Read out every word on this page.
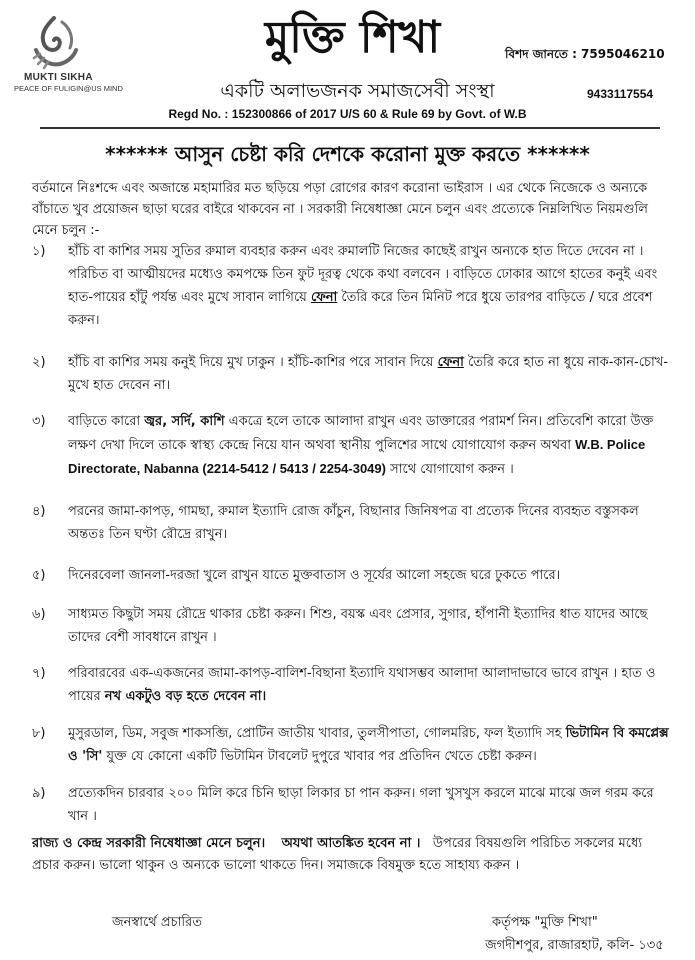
MUKTI SIKHA
PEACE OF FULIGIN@US MIND
মুক্তি শিখা	বিশদ জানতে : 7595046210
একটি অলাভজনক সমাজসেবী সংস্থা	9433117554
Regd No. : 152300866 of 2017 U/S 60 & Rule 69 by Govt. of W.B
****** আসুন চেষ্টা করি দেশকে করোনা মুক্ত করতে ******
বর্তমানে নিঃশব্দে এবং অজান্তে মহামারির মত ছড়িয়ে পড়া রোগের কারণ করোনা ভাইরাস । এর থেকে নিজেকে ও অন্যকে বাঁচাতে খুব প্রয়োজন ছাড়া ঘরের বাইরে থাকবেন না । সরকারী নিষেধাজ্ঞা মেনে চলুন এবং প্রত্যেকে নিম্নলিখিত নিয়মগুলি মেনে চলুন :-
১)	হাঁচি বা কাশির সময় সুতির রুমাল ব্যবহার করুন এবং রুমালটি নিজের কাছেই রাখুন অন্যকে হাত দিতে দেবেন না । পরিচিত বা আত্মীয়দের মধ্যেও কমপক্ষে তিন ফুট দূরত্ব থেকে কথা বলবেন । বাড়িতে ঢোকার আগে হাতের কনুই এবং হাত-পায়ের হাঁটু পর্যন্ত এবং মুখে সাবান লাগিয়ে ফেনা তৈরি করে তিন মিনিট পরে ধুয়ে তারপর বাড়িতে / ঘরে প্রবেশ করুন।
২)	হাঁচি বা কাশির সময় কনুই দিয়ে মুখ ঢাকুন । হাঁচি-কাশির পরে সাবান দিয়ে ফেনা তৈরি করে হাত না ধুয়ে নাক-কান-চোখ-মুখে হাত দেবেন না।
৩)	বাড়িতে কারো জ্বর, সর্দি, কাশি একত্রে হলে তাকে আলাদা রাখুন এবং ডাক্তারের পরামর্শ নিন। প্রতিবেশি কারো উক্ত লক্ষণ দেখা দিলে তাকে স্বাস্থ্য কেন্দ্রে নিয়ে যান অথবা স্থানীয় পুলিশের সাথে যোগাযোগ করুন অথবা W.B. Police Directorate, Nabanna (2214-5412 / 5413 / 2254-3049) সাথে যোগাযোগ করুন ।
৪)	পরনের জামা-কাপড়, গামছা, রুমাল ইত্যাদি রোজ কাঁচুন, বিছানার জিনিষপত্র বা প্রত্যেক দিনের ব্যবহৃত বস্তুসকল অন্ততঃ তিন ঘণ্টা রৌদ্রে রাখুন।
৫)	দিনেরবেলা জানলা-দরজা খুলে রাখুন যাতে মুক্তবাতাস ও সূর্যের আলো সহজে ঘরে ঢুকতে পারে।
৬)	সাধ্যমত কিছুটা সময় রৌদ্রে থাকার চেষ্টা করুন। শিশু, বয়স্ক এবং প্রেসার, সুগার, হাঁপানী ইত্যাদির ধাত যাদের আছে তাদের বেশী সাবধানে রাখুন ।
৭)	পরিবারবের এক-একজনের জামা-কাপড়-বালিশ-বিছানা ইত্যাদি যথাসম্ভব আলাদা আলাদাভাবে ভাবে রাখুন । হাত ও পায়ের নখ একটুও বড় হতে দেবেন না।
৮)	মুসুরডাল, ডিম, সবুজ শাকসব্জি, প্রোটিন জাতীয় খাবার, তুলসীপাতা, গোলমরিচ, ফল ইত্যাদি সহ ভিটামিন বি কমপ্লেক্স ও 'সি' যুক্ত যে কোনো একটি ভিটামিন টাবলেট দুপুরে খাবার পর প্রতিদিন খেতে চেষ্টা করুন।
৯)	প্রত্যেকদিন চারবার ২০০ মিলি করে চিনি ছাড়া লিকার চা পান করুন। গলা খুসখুস করলে মাঝে মাঝে জল গরম করে খান ।
রাজ্য ও কেন্দ্র সরকারী নিষেধাজ্ঞা মেনে চলুন। অযথা আতঙ্কিত হবেন না । উপরের বিষয়গুলি পরিচিত সকলের মধ্যে প্রচার করুন। ভালো থাকুন ও অন্যকে ভালো থাকতে দিন। সমাজকে বিষমুক্ত হতে সাহায্য করুন ।
জনস্বার্থে প্রচারিত	কর্তৃপক্ষ "মুক্তি শিখা"
জগদীশপুর, রাজারহাট, কলি- ১৩৫
